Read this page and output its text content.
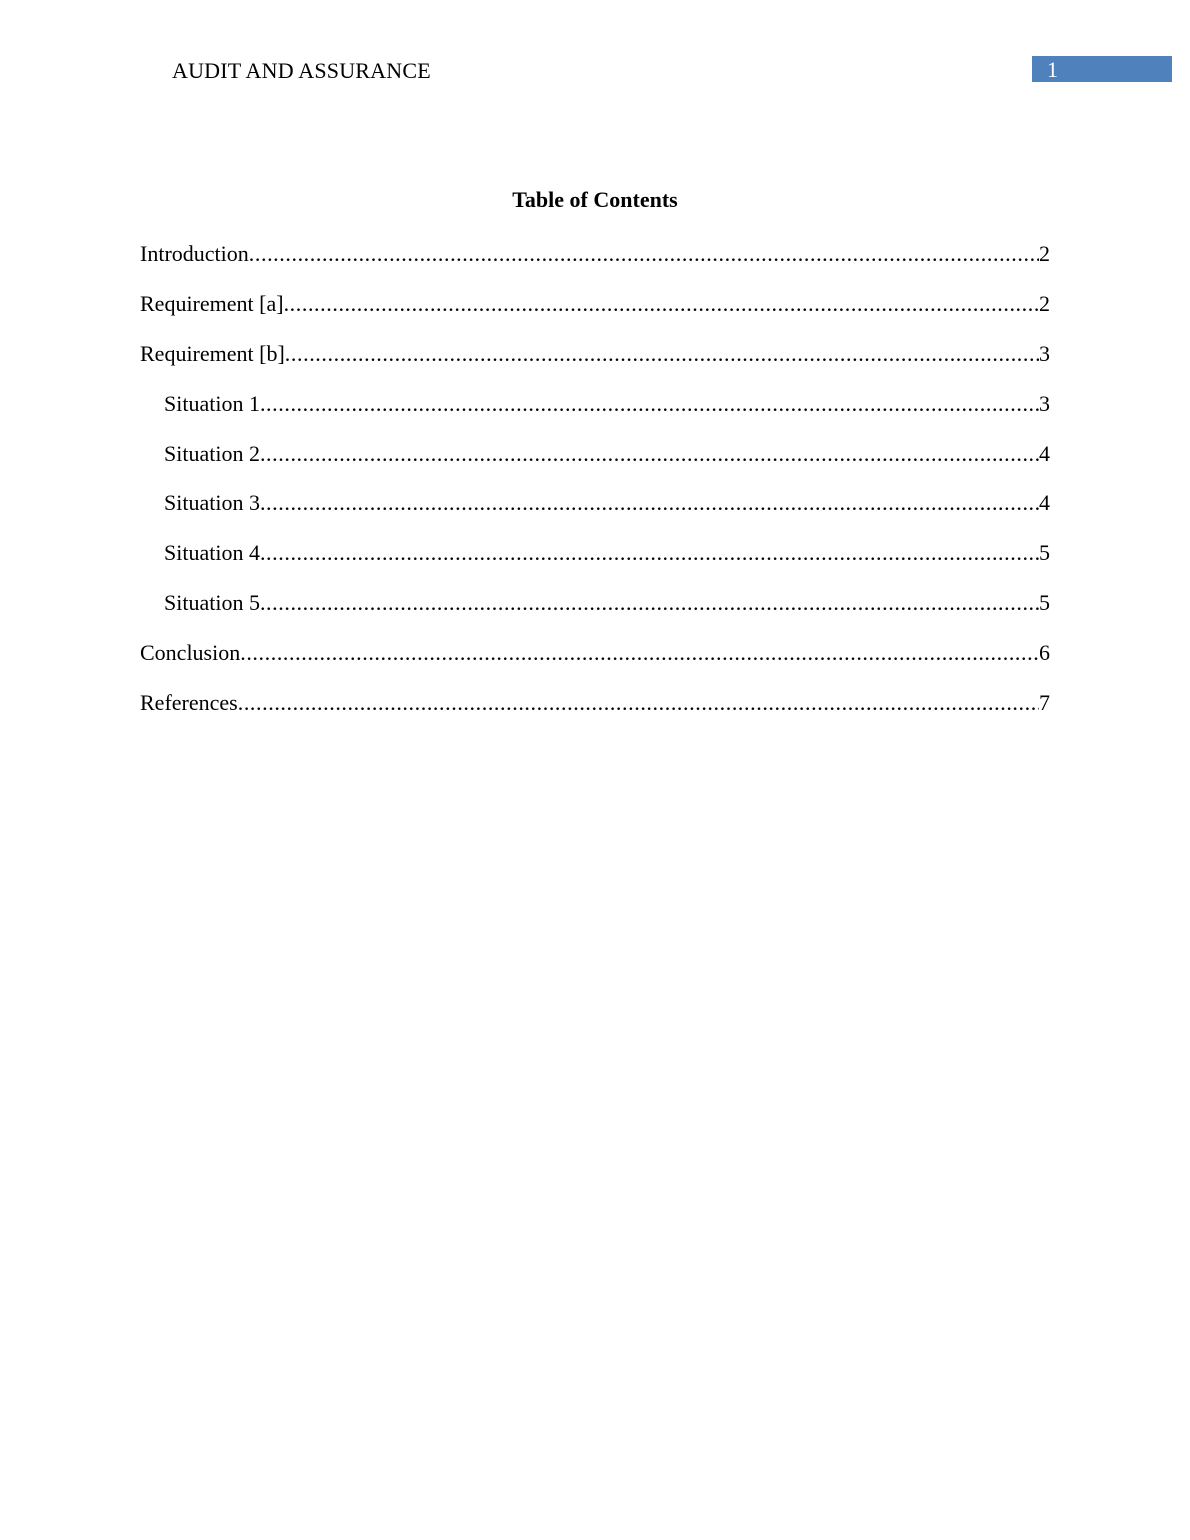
AUDIT AND ASSURANCE	1
Table of Contents
Introduction .....	2
Requirement [a] .....	2
Requirement [b] .....	3
Situation 1 .....	3
Situation 2 .....	4
Situation 3 .....	4
Situation 4 .....	5
Situation 5 .....	5
Conclusion .....	6
References .....	7
